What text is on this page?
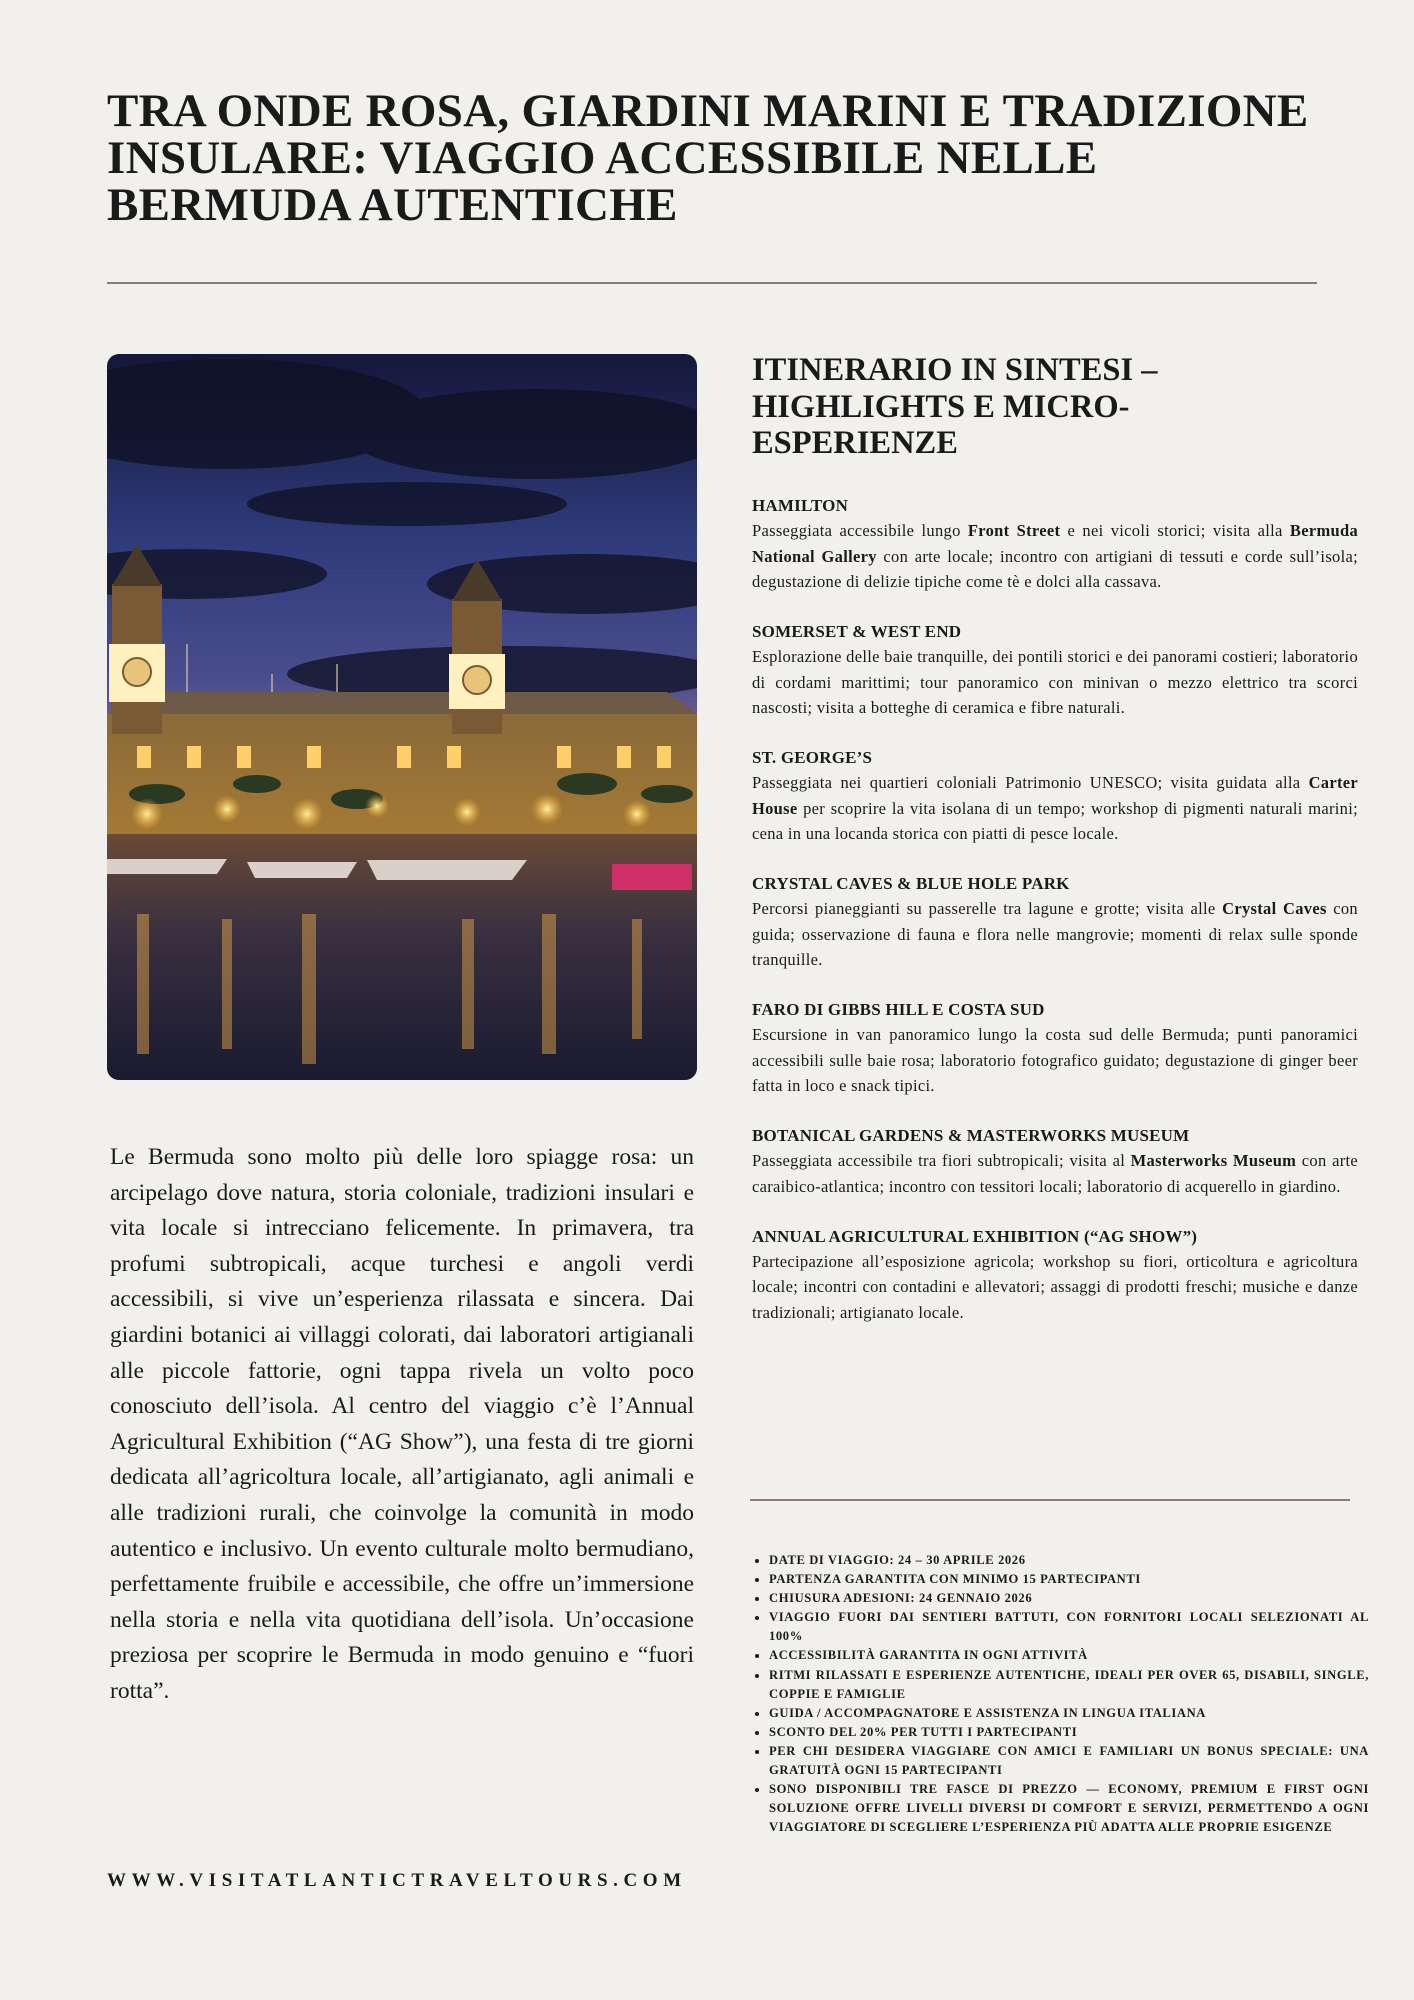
TRA ONDE ROSA, GIARDINI MARINI E TRADIZIONE INSULARE: VIAGGIO ACCESSIBILE NELLE BERMUDA AUTENTICHE

Le Bermuda sono molto più delle loro spiagge rosa: un arcipelago dove natura, storia coloniale, tradizioni insulari e vita locale si intrecciano felicemente. In primavera, tra profumi subtropicali, acque turchesi e angoli verdi accessibili, si vive un’esperienza rilassata e sincera. Dai giardini botanici ai villaggi colorati, dai laboratori artigianali alle piccole fattorie, ogni tappa rivela un volto poco conosciuto dell’isola. Al centro del viaggio c’è l’Annual Agricultural Exhibition (“AG Show”), una festa di tre giorni dedicata all’agricoltura locale, all’artigianato, agli animali e alle tradizioni rurali, che coinvolge la comunità in modo autentico e inclusivo. Un evento culturale molto bermudiano, perfettamente fruibile e accessibile, che offre un’immersione nella storia e nella vita quotidiana dell’isola. Un’occasione preziosa per scoprire le Bermuda in modo genuino e “fuori rotta”.

WWW.VISITATLANTICTRAVELTOURS.COM
ITINERARIO IN SINTESI – HIGHLIGHTS E MICRO-ESPERIENZE
HAMILTON

Passeggiata accessibile lungo Front Street e nei vicoli storici; visita alla Bermuda National Gallery con arte locale; incontro con artigiani di tessuti e corde sull’isola; degustazione di delizie tipiche come tè e dolci alla cassava.

SOMERSET & WEST END

Esplorazione delle baie tranquille, dei pontili storici e dei panorami costieri; laboratorio di cordami marittimi; tour panoramico con minivan o mezzo elettrico tra scorci nascosti; visita a botteghe di ceramica e fibre naturali.

ST. GEORGE’S

Passeggiata nei quartieri coloniali Patrimonio UNESCO; visita guidata alla Carter House per scoprire la vita isolana di un tempo; workshop di pigmenti naturali marini; cena in una locanda storica con piatti di pesce locale.

CRYSTAL CAVES & BLUE HOLE PARK

Percorsi pianeggianti su passerelle tra lagune e grotte; visita alle Crystal Caves con guida; osservazione di fauna e flora nelle mangrovie; momenti di relax sulle sponde tranquille.

FARO DI GIBBS HILL E COSTA SUD

Escursione in van panoramico lungo la costa sud delle Bermuda; punti panoramici accessibili sulle baie rosa; laboratorio fotografico guidato; degustazione di ginger beer fatta in loco e snack tipici.

BOTANICAL GARDENS & MASTERWORKS MUSEUM

Passeggiata accessibile tra fiori subtropicali; visita al Masterworks Museum con arte caraibico-atlantica; incontro con tessitori locali; laboratorio di acquerello in giardino.

ANNUAL AGRICULTURAL EXHIBITION (“AG SHOW”)

Partecipazione all’esposizione agricola; workshop su fiori, orticoltura e agricoltura locale; incontri con contadini e allevatori; assaggi di prodotti freschi; musiche e danze tradizionali; artigianato locale.

• DATE DI VIAGGIO: 24 – 30 APRILE 2026
• PARTENZA GARANTITA CON MINIMO 15 PARTECIPANTI
• CHIUSURA ADESIONI: 24 GENNAIO 2026
• VIAGGIO FUORI DAI SENTIERI BATTUTI, CON FORNITORI LOCALI SELEZIONATI AL 100%
• ACCESSIBILITÀ GARANTITA IN OGNI ATTIVITÀ
• RITMI RILASSATI E ESPERIENZE AUTENTICHE, IDEALI PER OVER 65, DISABILI, SINGLE, COPPIE E FAMIGLIE
• GUIDA / ACCOMPAGNATORE E ASSISTENZA IN LINGUA ITALIANA
• SCONTO DEL 20% PER TUTTI I PARTECIPANTI
• PER CHI DESIDERA VIAGGIARE CON AMICI E FAMILIARI UN BONUS SPECIALE: UNA GRATUITÀ OGNI 15 PARTECIPANTI
• SONO DISPONIBILI TRE FASCE DI PREZZO — ECONOMY, PREMIUM E FIRST OGNI SOLUZIONE OFFRE LIVELLI DIVERSI DI COMFORT E SERVIZI, PERMETTENDO A OGNI VIAGGIATORE DI SCEGLIERE L’ESPERIENZA PIÙ ADATTA ALLE PROPRIE ESIGENZE
